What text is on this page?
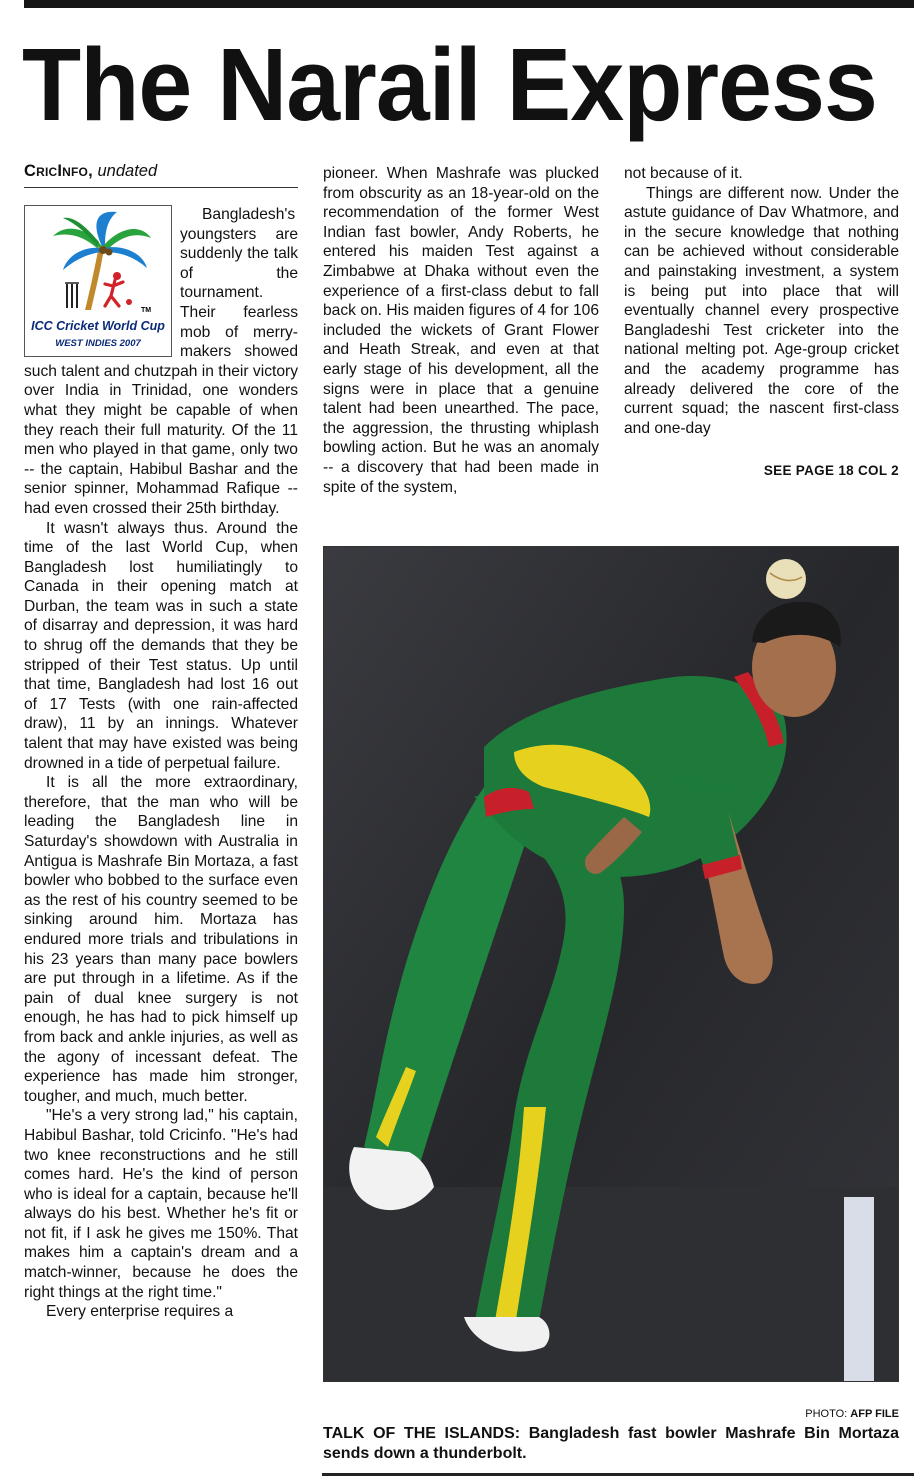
The Narail Express
CricInfo, undated
TM
ICC Cricket World Cup
WEST INDIES 2007

Bangladesh's youngsters are suddenly the talk of the tournament. Their fearless mob of merry-makers showed such talent and chutzpah in their victory over India in Trinidad, one wonders what they might be capable of when they reach their full maturity. Of the 11 men who played in that game, only two -- the captain, Habibul Bashar and the senior spinner, Mohammad Rafique -- had even crossed their 25th birthday.

It wasn't always thus. Around the time of the last World Cup, when Bangladesh lost humiliatingly to Canada in their opening match at Durban, the team was in such a state of disarray and depression, it was hard to shrug off the demands that they be stripped of their Test status. Up until that time, Bangladesh had lost 16 out of 17 Tests (with one rain-affected draw), 11 by an innings. Whatever talent that may have existed was being drowned in a tide of perpetual failure.

It is all the more extraordinary, therefore, that the man who will be leading the Bangladesh line in Saturday's showdown with Australia in Antigua is Mashrafe Bin Mortaza, a fast bowler who bobbed to the surface even as the rest of his country seemed to be sinking around him. Mortaza has endured more trials and tribulations in his 23 years than many pace bowlers are put through in a lifetime. As if the pain of dual knee surgery is not enough, he has had to pick himself up from back and ankle injuries, as well as the agony of incessant defeat. The experience has made him stronger, tougher, and much, much better.

"He's a very strong lad," his captain, Habibul Bashar, told Cricinfo. "He's had two knee reconstructions and he still comes hard. He's the kind of person who is ideal for a captain, because he'll always do his best. Whether he's fit or not fit, if I ask he gives me 150%. That makes him a captain's dream and a match-winner, because he does the right things at the right time."

Every enterprise requires a

pioneer. When Mashrafe was plucked from obscurity as an 18-year-old on the recommendation of the former West Indian fast bowler, Andy Roberts, he entered his maiden Test against a Zimbabwe at Dhaka without even the experience of a first-class debut to fall back on. His maiden figures of 4 for 106 included the wickets of Grant Flower and Heath Streak, and even at that early stage of his development, all the signs were in place that a genuine talent had been unearthed. The pace, the aggression, the thrusting whiplash bowling action. But he was an anomaly -- a discovery that had been made in spite of the system,

not because of it.

Things are different now. Under the astute guidance of Dav Whatmore, and in the secure knowledge that nothing can be achieved without considerable and painstaking investment, a system is being put into place that will eventually channel every prospective Bangladeshi Test cricketer into the national melting pot. Age-group cricket and the academy programme has already delivered the core of the current squad; the nascent first-class and one-day

SEE PAGE 18 COL 2
PHOTO: AFP FILE
TALK OF THE ISLANDS: Bangladesh fast bowler Mashrafe Bin Mortaza sends down a thunderbolt.
